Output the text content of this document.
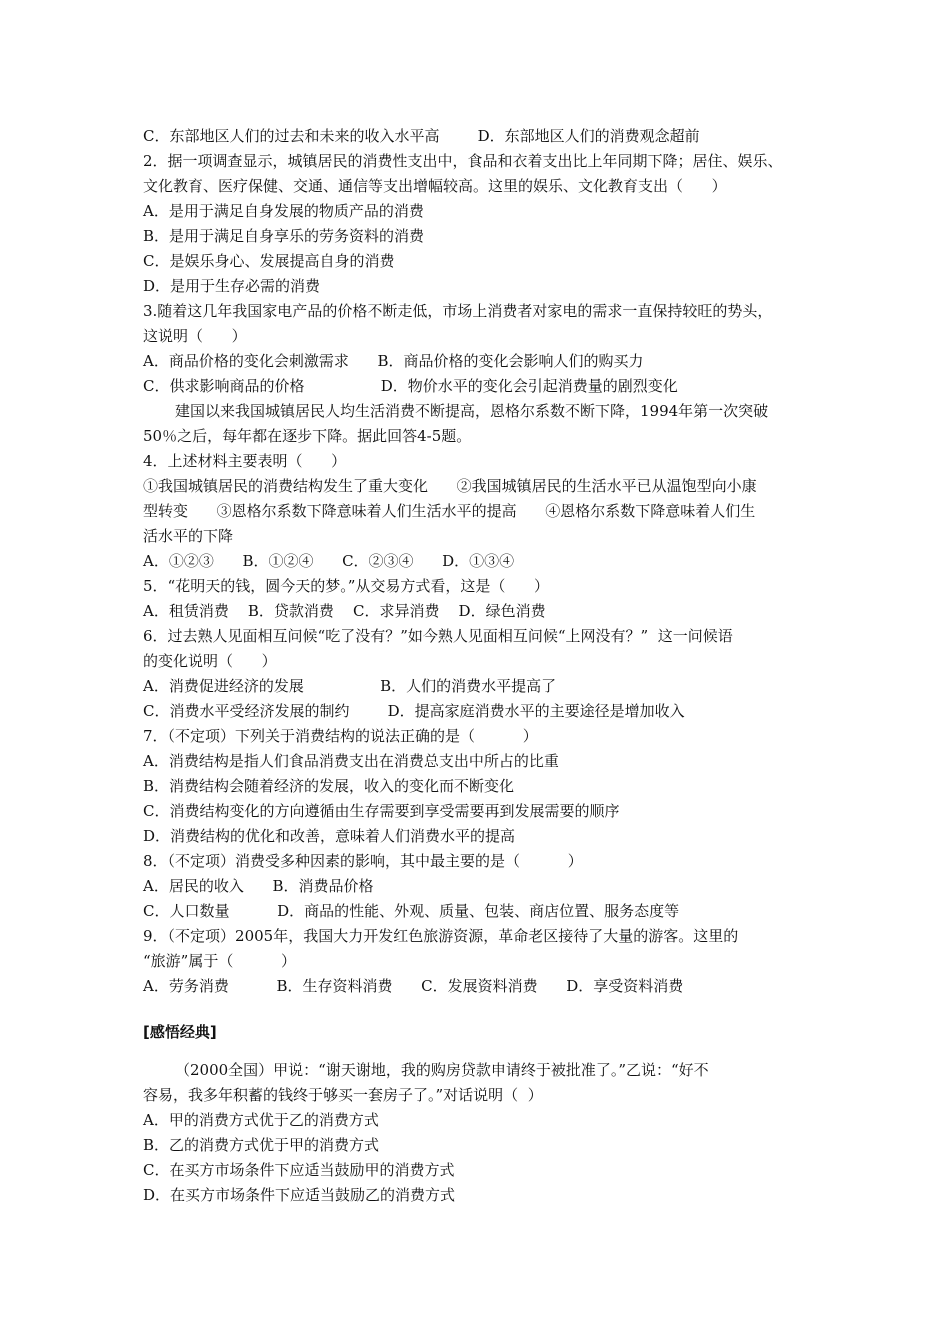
C．东部地区人们的过去和未来的收入水平高        D．东部地区人们的消费观念超前
2．据一项调查显示，城镇居民的消费性支出中，食品和衣着支出比上年同期下降；居住、娱乐、
文化教育、医疗保健、交通、通信等支出增幅较高。这里的娱乐、文化教育支出（      ）
A．是用于满足自身发展的物质产品的消费
B．是用于满足自身享乐的劳务资料的消费
C．是娱乐身心、发展提高自身的消费
D．是用于生存必需的消费
3.随着这几年我国家电产品的价格不断走低，市场上消费者对家电的需求一直保持较旺的势头，
这说明（      ）
A．商品价格的变化会刺激需求      B．商品价格的变化会影响人们的购买力
C．供求影响商品的价格                D．物价水平的变化会引起消费量的剧烈变化
建国以来我国城镇居民人均生活消费不断提高，恩格尔系数不断下降，1994年第一次突破
50％之后，每年都在逐步下降。据此回答4-5题。
4．上述材料主要表明（      ）
①我国城镇居民的消费结构发生了重大变化      ②我国城镇居民的生活水平已从温饱型向小康
型转变      ③恩格尔系数下降意味着人们生活水平的提高      ④恩格尔系数下降意味着人们生
活水平的下降
A．①②③      B．①②④      C．②③④      D．①③④
5．“花明天的钱，圆今天的梦。”从交易方式看，这是（      ）
A．租赁消费    B．贷款消费    C．求异消费    D．绿色消费
6．过去熟人见面相互问候“吃了没有？”如今熟人见面相互问候“上网没有？”  这一问候语
的变化说明（      ）
A．消费促进经济的发展                B．人们的消费水平提高了
C．消费水平受经济发展的制约        D．提高家庭消费水平的主要途径是增加收入
7．（不定项）下列关于消费结构的说法正确的是（          ）
A．消费结构是指人们食品消费支出在消费总支出中所占的比重
B．消费结构会随着经济的发展，收入的变化而不断变化
C．消费结构变化的方向遵循由生存需要到享受需要再到发展需要的顺序
D．消费结构的优化和改善，意味着人们消费水平的提高
8．（不定项）消费受多种因素的影响，其中最主要的是（          ）
A．居民的收入      B．消费品价格
C．人口数量          D．商品的性能、外观、质量、包装、商店位置、服务态度等
9．（不定项）2005年，我国大力开发红色旅游资源，革命老区接待了大量的游客。这里的
“旅游”属于（          ）
A．劳务消费          B．生存资料消费      C．发展资料消费      D．享受资料消费
[感悟经典]
（2000全国）甲说：“谢天谢地，我的购房贷款申请终于被批准了。”乙说：“好不
容易，我多年积蓄的钱终于够买一套房子了。”对话说明（  ）
A．甲的消费方式优于乙的消费方式
B．乙的消费方式优于甲的消费方式
C．在买方市场条件下应适当鼓励甲的消费方式
D．在买方市场条件下应适当鼓励乙的消费方式
